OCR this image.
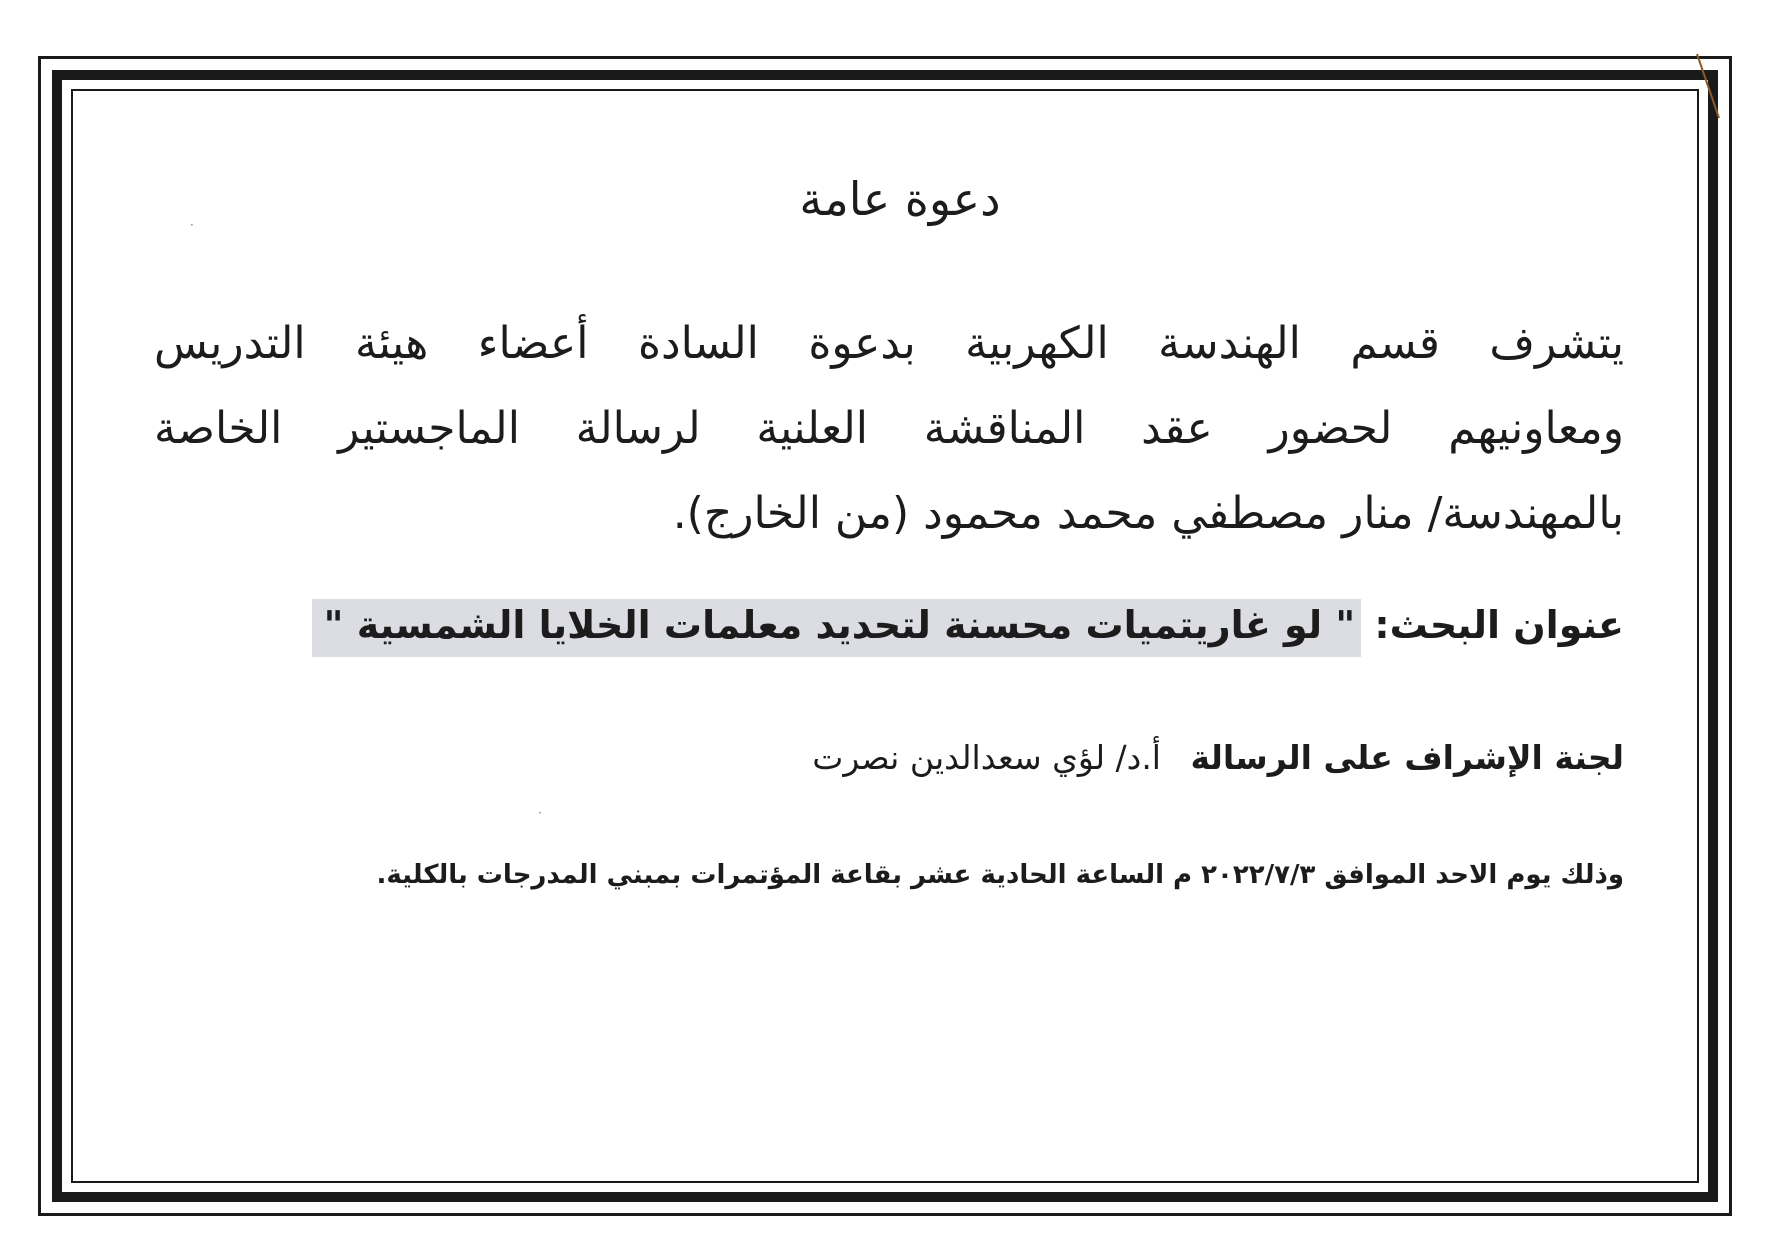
·
·
دعوة عامة
يتشرف قسم الهندسة الكهربية بدعوة السادة أعضاء هيئة التدريس
ومعاونيهم لحضور عقد المناقشة العلنية لرسالة الماجستير الخاصة
بالمهندسة/ منار مصطفي محمد محمود (من الخارج).
عنوان البحث: " لو غاريتميات محسنة لتحديد معلمات الخلايا الشمسية "
لجنة الإشراف على الرسالة أ.د/ لؤي سعدالدين نصرت
وذلك يوم الاحد الموافق ٢٠٢٢/٧/٣ م الساعة الحادية عشر بقاعة المؤتمرات بمبني المدرجات بالكلية.
